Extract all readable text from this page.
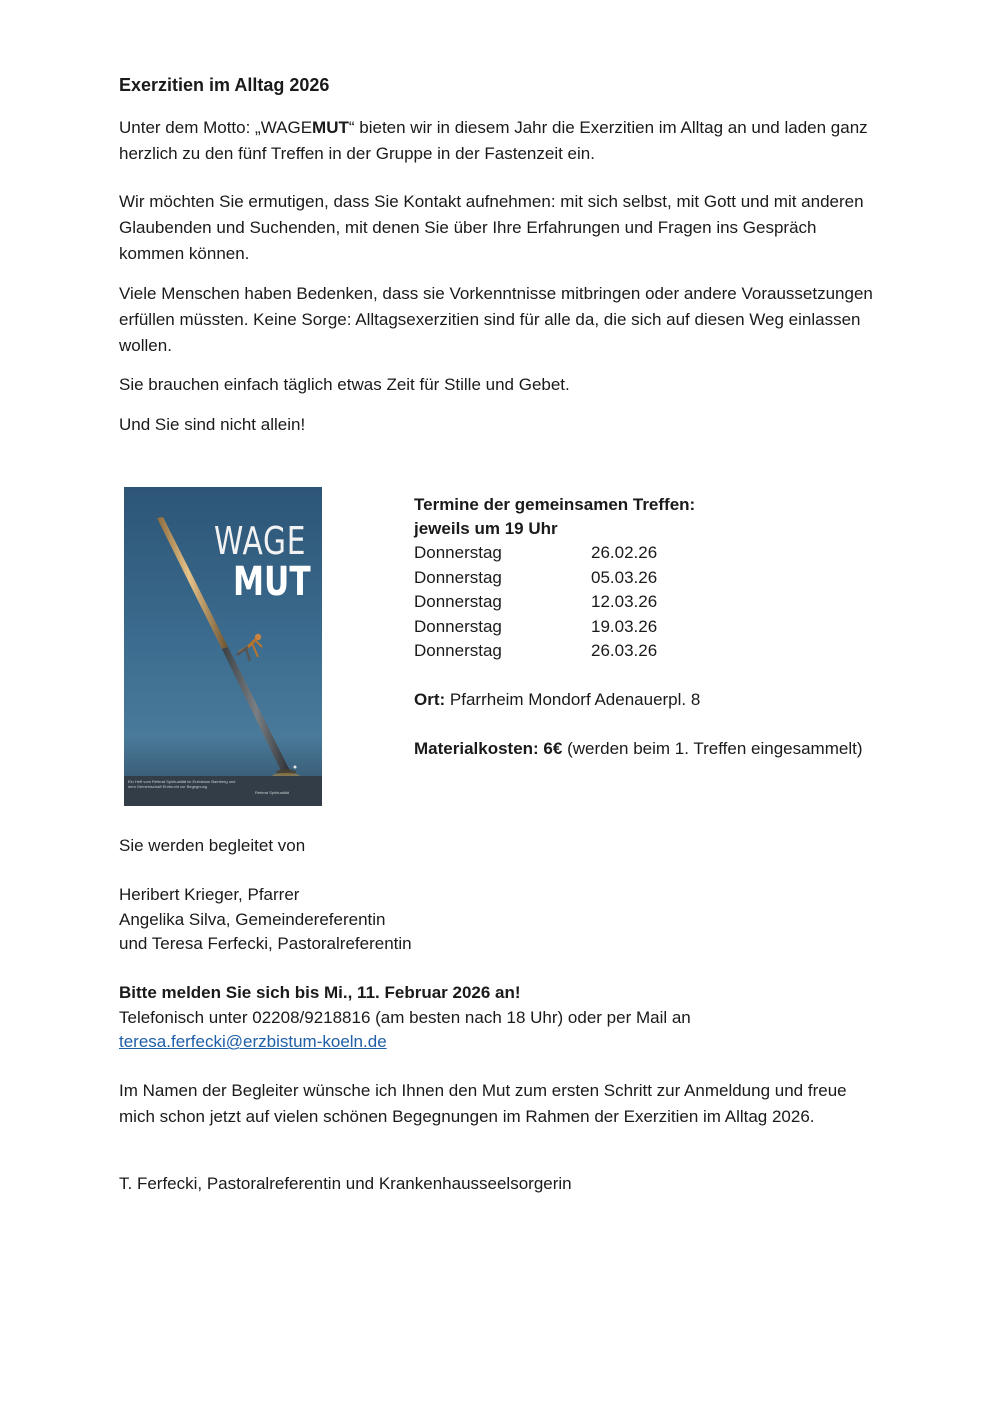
Exerzitien im Alltag 2026

Unter dem Motto: „WAGEMUT“ bieten wir in diesem Jahr die Exerzitien im Alltag an und laden ganz herzlich zu den fünf Treffen in der Gruppe in der Fastenzeit ein.

Wir möchten Sie ermutigen, dass Sie Kontakt aufnehmen: mit sich selbst, mit Gott und mit anderen Glaubenden und Suchenden, mit denen Sie über Ihre Erfahrungen und Fragen ins Gespräch kommen können.

Viele Menschen haben Bedenken, dass sie Vorkenntnisse mitbringen oder andere Voraussetzungen erfüllen müssten. Keine Sorge: Alltagsexerzitien sind für alle da, die sich auf diesen Weg einlassen wollen.

Sie brauchen einfach täglich etwas Zeit für Stille und Gebet.

Und Sie sind nicht allein!

WAGE
MUT
Ein Heft vom Referat Spiritualität im Erzbistum Bamberg und dem Gemeinschaft Ehrfurcht vor Begegnung
Referat Spiritualität
Termine der gemeinsamen Treffen:
jeweils um 19 Uhr
Donnerstag	26.02.26
Donnerstag	05.03.26
Donnerstag	12.03.26
Donnerstag	19.03.26
Donnerstag	26.03.26

Ort: Pfarrheim Mondorf Adenauerpl. 8

Materialkosten: 6€ (werden beim 1. Treffen eingesammelt)

Sie werden begleitet von

Heribert Krieger, Pfarrer
Angelika Silva, Gemeindereferentin
und Teresa Ferfecki, Pastoralreferentin
Bitte melden Sie sich bis Mi., 11. Februar 2026 an!
Telefonisch unter 02208/9218816 (am besten nach 18 Uhr) oder per Mail an
teresa.ferfecki@erzbistum-koeln.de

Im Namen der Begleiter wünsche ich Ihnen den Mut zum ersten Schritt zur Anmeldung und freue mich schon jetzt auf vielen schönen Begegnungen im Rahmen der Exerzitien im Alltag 2026.

T. Ferfecki, Pastoralreferentin und Krankenhausseelsorgerin
